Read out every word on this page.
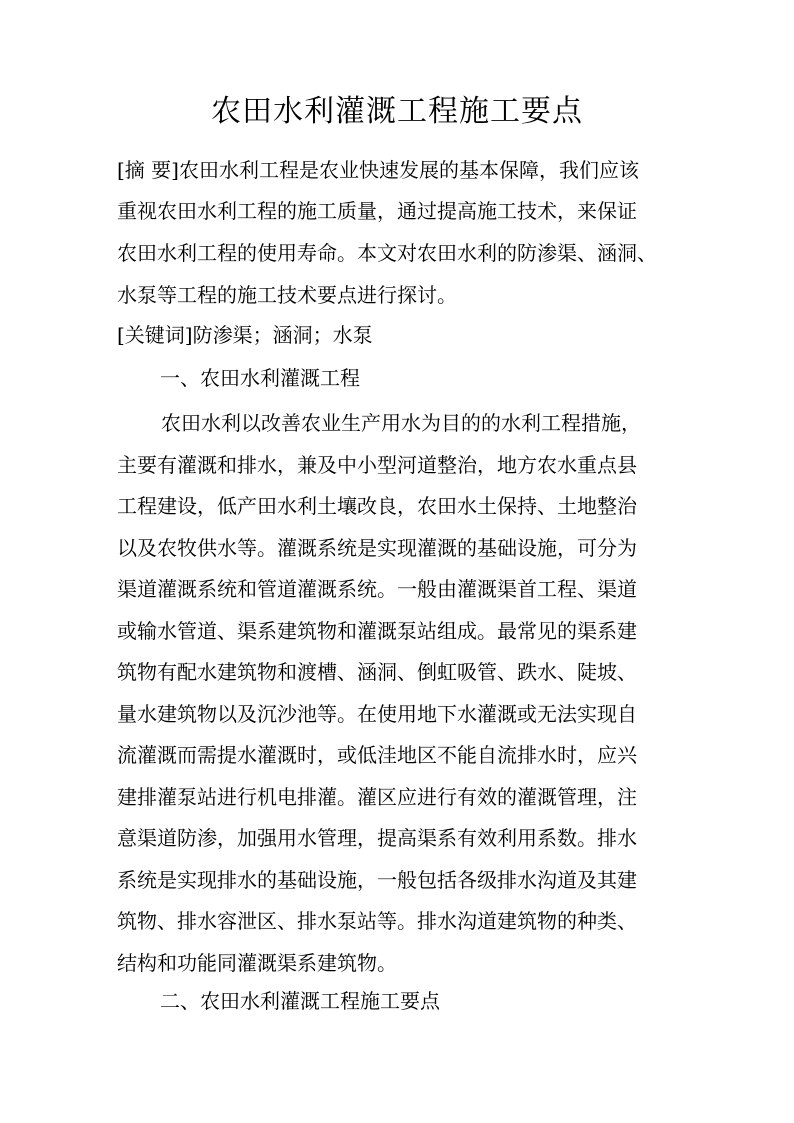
农田水利灌溉工程施工要点

[摘 要]农田水利工程是农业快速发展的基本保障，我们应该

重视农田水利工程的施工质量，通过提高施工技术，来保证

农田水利工程的使用寿命。本文对农田水利的防渗渠、涵洞、

水泵等工程的施工技术要点进行探讨。

[关键词]防渗渠；涵洞；水泵

一、农田水利灌溉工程

农田水利以改善农业生产用水为目的的水利工程措施，
主要有灌溉和排水，兼及中小型河道整治，地方农水重点县
工程建设，低产田水利土壤改良，农田水土保持、土地整治
以及农牧供水等。灌溉系统是实现灌溉的基础设施，可分为
渠道灌溉系统和管道灌溉系统。一般由灌溉渠首工程、渠道
或输水管道、渠系建筑物和灌溉泵站组成。最常见的渠系建
筑物有配水建筑物和渡槽、涵洞、倒虹吸管、跌水、陡坡、
量水建筑物以及沉沙池等。在使用地下水灌溉或无法实现自
流灌溉而需提水灌溉时，或低洼地区不能自流排水时，应兴
建排灌泵站进行机电排灌。灌区应进行有效的灌溉管理，注
意渠道防渗，加强用水管理，提高渠系有效利用系数。排水
系统是实现排水的基础设施，一般包括各级排水沟道及其建
筑物、排水容泄区、排水泵站等。排水沟道建筑物的种类、
结构和功能同灌溉渠系建筑物。

二、农田水利灌溉工程施工要点
